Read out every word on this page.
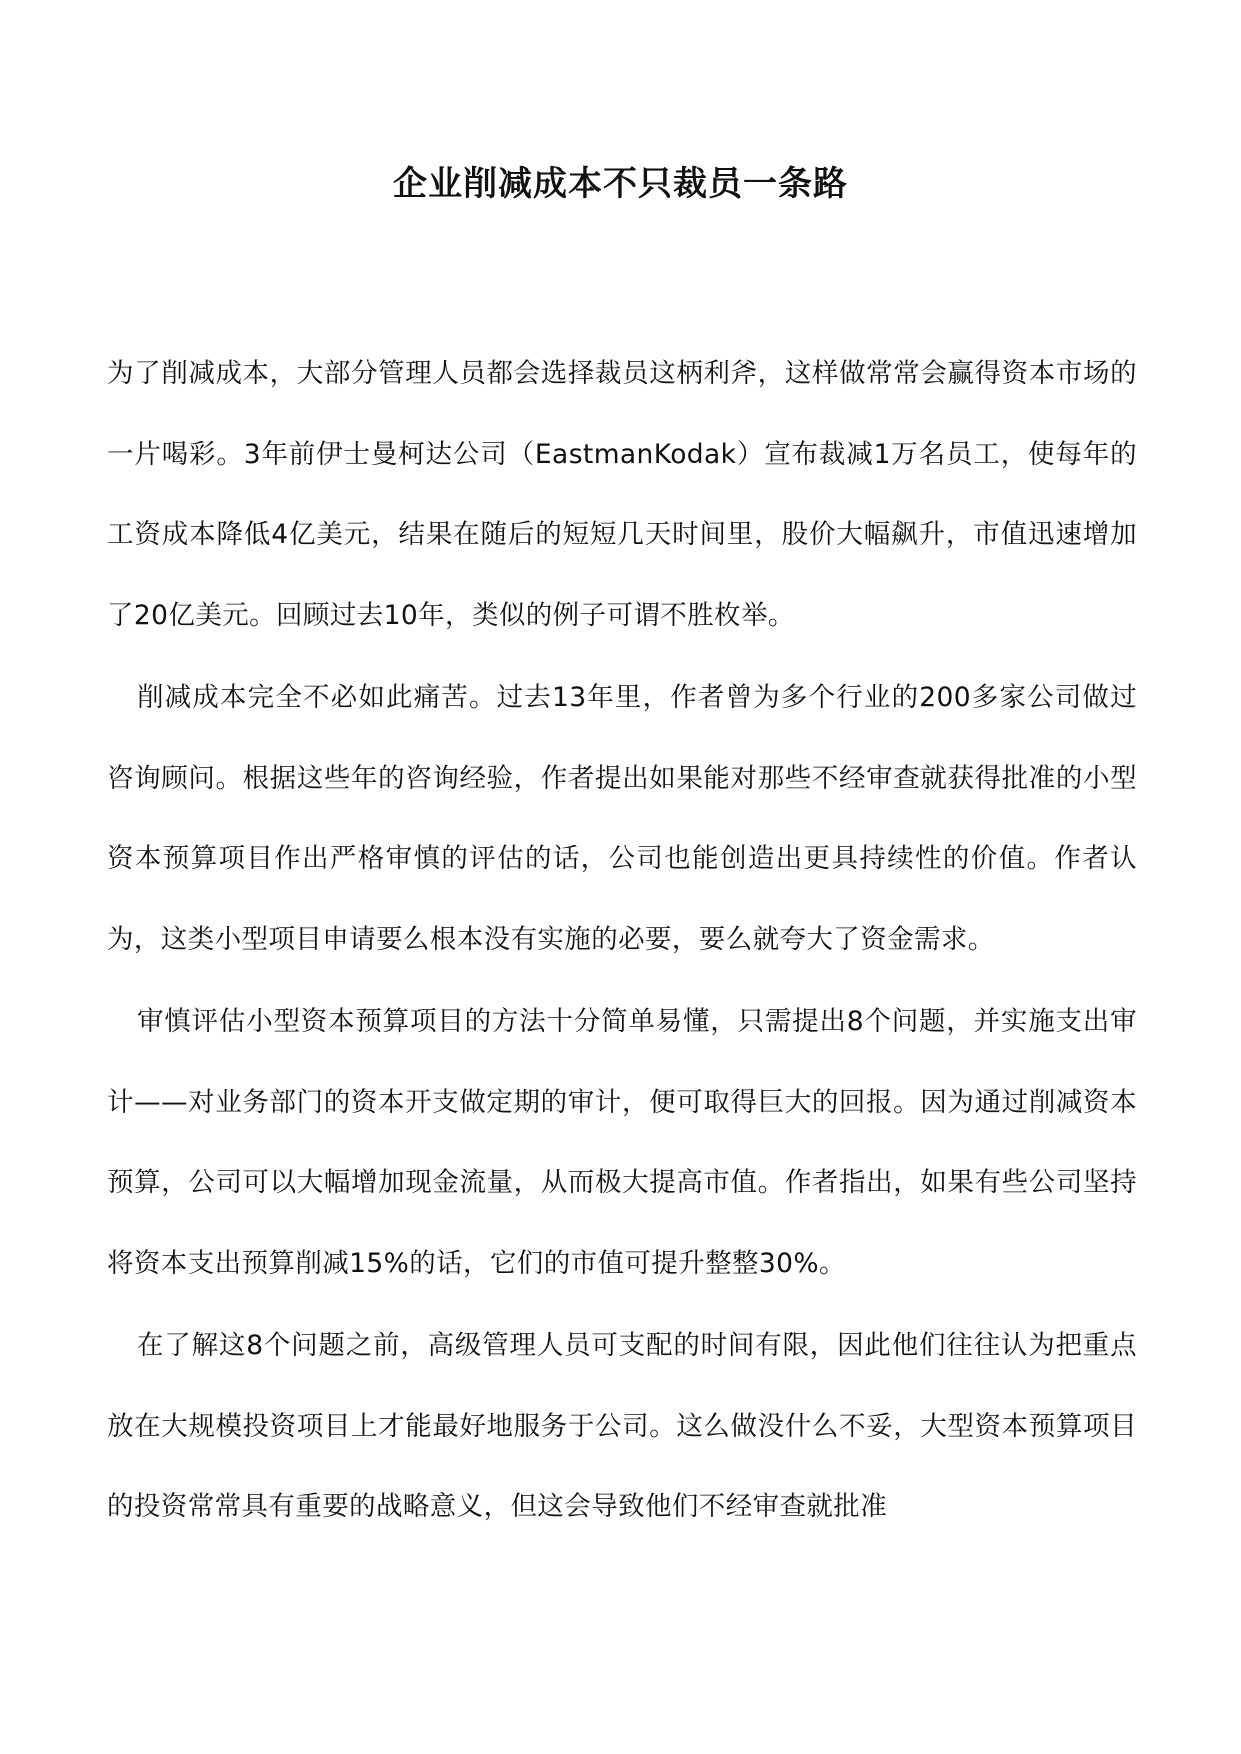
企业削减成本不只裁员一条路

为了削减成本，大部分管理人员都会选择裁员这柄利斧，这样做常常会赢得资本市场的一片喝彩。3年前伊士曼柯达公司（EastmanKodak）宣布裁减1万名员工，使每年的工资成本降低4亿美元，结果在随后的短短几天时间里，股价大幅飙升，市值迅速增加了20亿美元。回顾过去10年，类似的例子可谓不胜枚举。

削减成本完全不必如此痛苦。过去13年里，作者曾为多个行业的200多家公司做过咨询顾问。根据这些年的咨询经验，作者提出如果能对那些不经审查就获得批准的小型资本预算项目作出严格审慎的评估的话，公司也能创造出更具持续性的价值。作者认为，这类小型项目申请要么根本没有实施的必要，要么就夸大了资金需求。

审慎评估小型资本预算项目的方法十分简单易懂，只需提出8个问题，并实施支出审计——对业务部门的资本开支做定期的审计，便可取得巨大的回报。因为通过削减资本预算，公司可以大幅增加现金流量，从而极大提高市值。作者指出，如果有些公司坚持将资本支出预算削减15%的话，它们的市值可提升整整30%。

在了解这8个问题之前，高级管理人员可支配的时间有限，因此他们往往认为把重点放在大规模投资项目上才能最好地服务于公司。这么做没什么不妥，大型资本预算项目的投资常常具有重要的战略意义，但这会导致他们不经审查就批准
